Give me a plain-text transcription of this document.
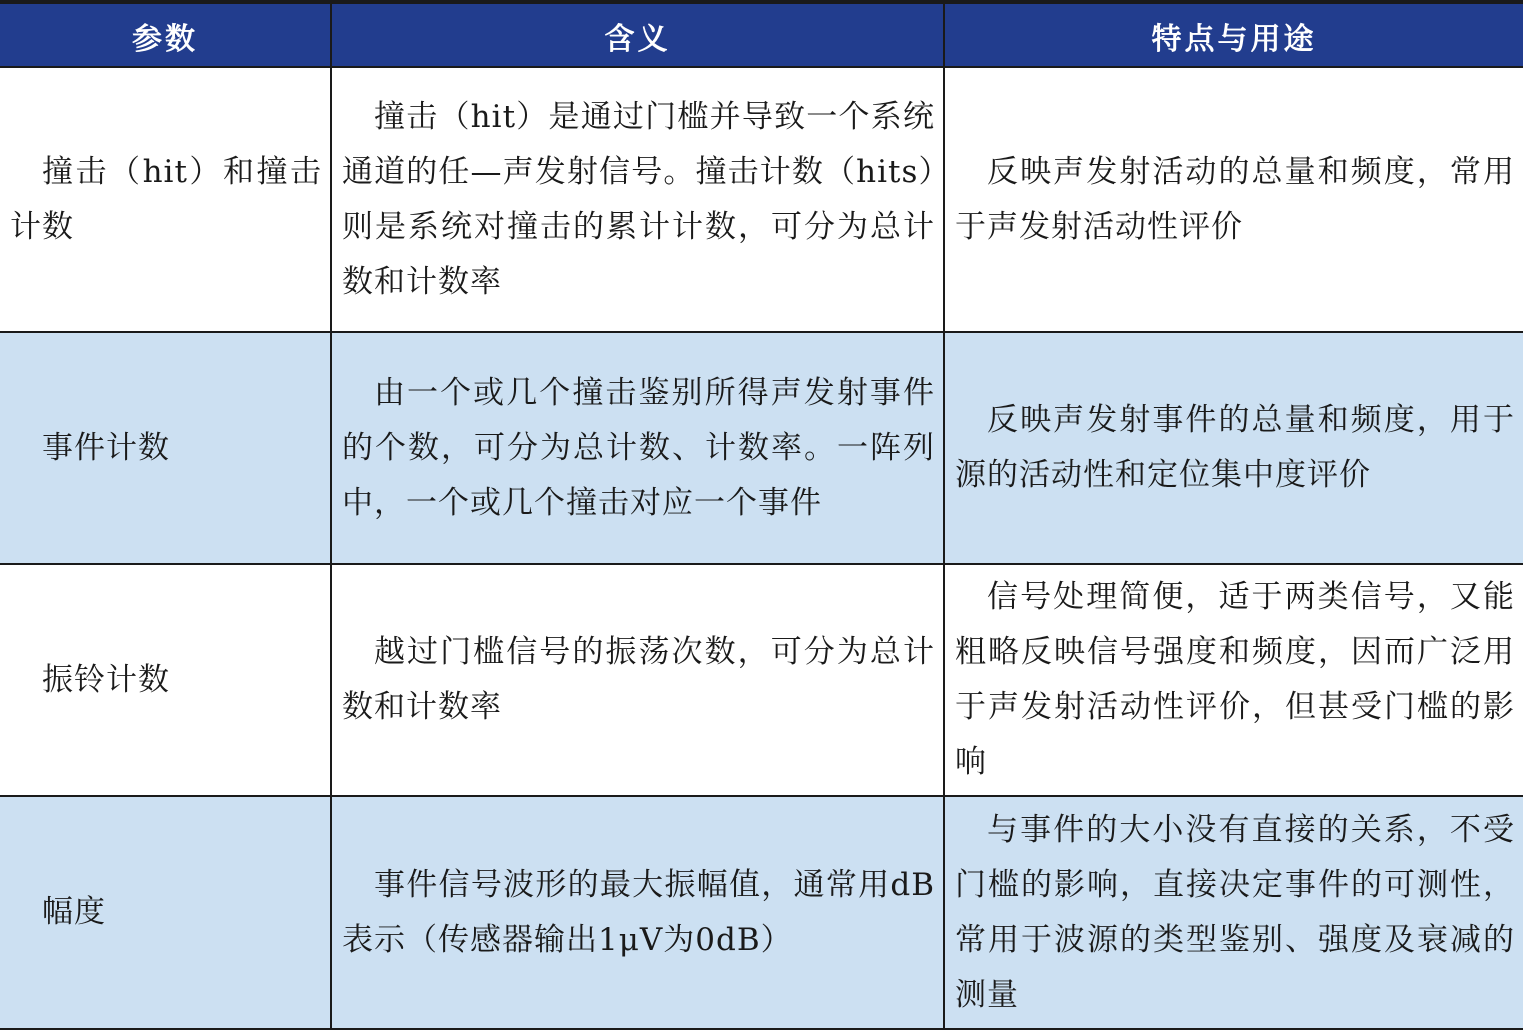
参数	含义	特点与用途
撞击（hit）和撞击计数
撞击（hit）是通过门槛并导致一个系统通道的任—声发射信号。撞击计数（hits）则是系统对撞击的累计计数，可分为总计数和计数率
反映声发射活动的总量和频度，常用于声发射活动性评价
事件计数
由一个或几个撞击鉴别所得声发射事件的个数，可分为总计数、计数率。一阵列中，一个或几个撞击对应一个事件
反映声发射事件的总量和频度，用于源的活动性和定位集中度评价
振铃计数
越过门槛信号的振荡次数，可分为总计数和计数率
信号处理简便，适于两类信号，又能粗略反映信号强度和频度，因而广泛用于声发射活动性评价，但甚受门槛的影响
幅度
事件信号波形的最大振幅值，通常用dB表示（传感器输出1μV为0dB）
与事件的大小没有直接的关系，不受门槛的影响，直接决定事件的可测性，常用于波源的类型鉴别、强度及衰减的测量
